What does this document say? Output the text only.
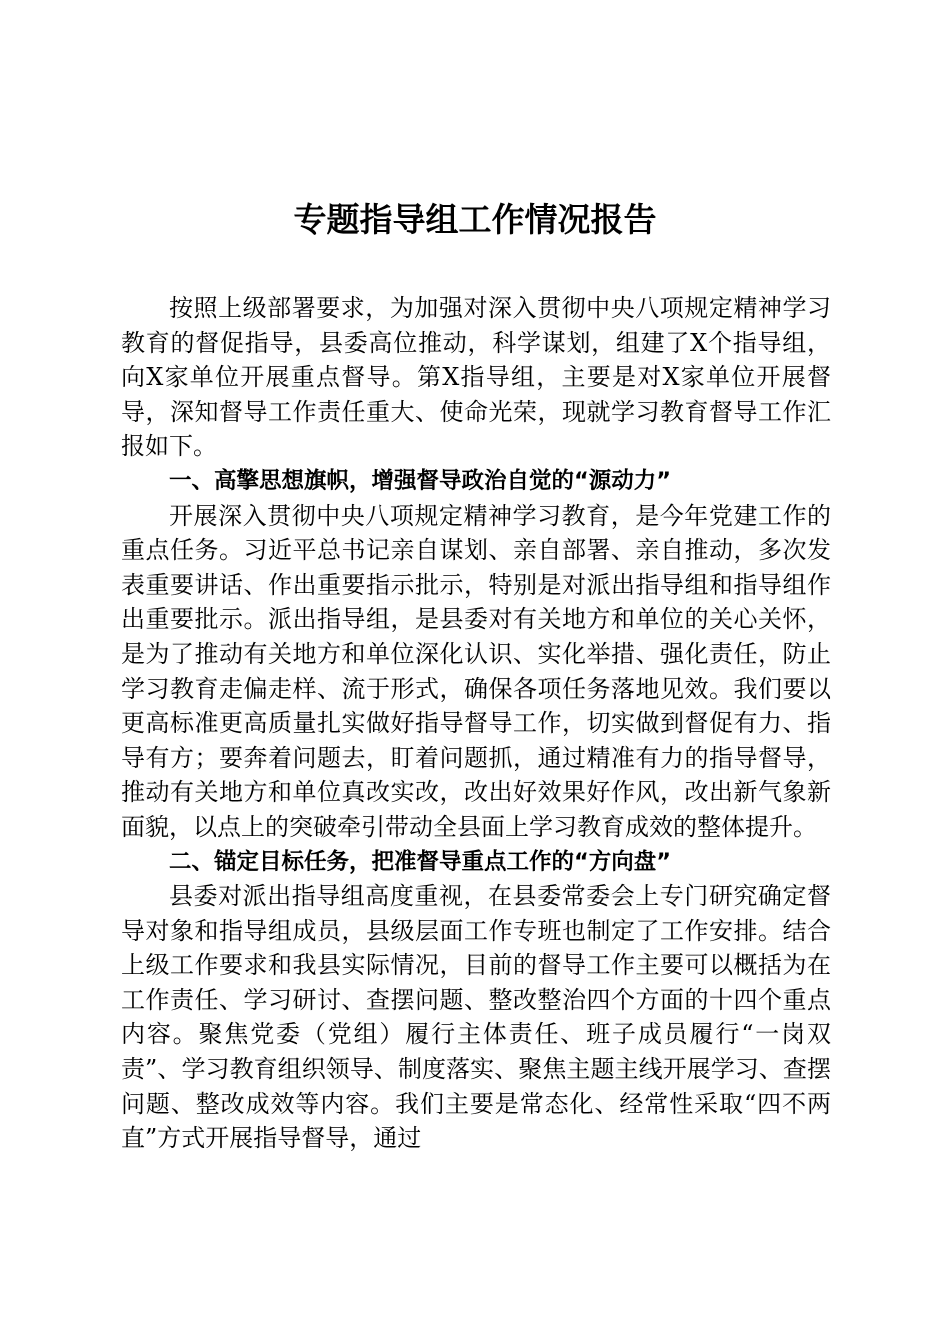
专题指导组工作情况报告

按照上级部署要求，为加强对深入贯彻中央八项规定精神学习教育的督促指导，县委高位推动，科学谋划，组建了X个指导组，向X家单位开展重点督导。第X指导组，主要是对X家单位开展督导，深知督导工作责任重大、使命光荣，现就学习教育督导工作汇报如下。

一、高擎思想旗帜，增强督导政治自觉的“源动力”

开展深入贯彻中央八项规定精神学习教育，是今年党建工作的重点任务。习近平总书记亲自谋划、亲自部署、亲自推动，多次发表重要讲话、作出重要指示批示，特别是对派出指导组和指导组作出重要批示。派出指导组，是县委对有关地方和单位的关心关怀，是为了推动有关地方和单位深化认识、实化举措、强化责任，防止学习教育走偏走样、流于形式，确保各项任务落地见效。我们要以更高标准更高质量扎实做好指导督导工作，切实做到督促有力、指导有方；要奔着问题去，盯着问题抓，通过精准有力的指导督导，推动有关地方和单位真改实改，改出好效果好作风，改出新气象新面貌，以点上的突破牵引带动全县面上学习教育成效的整体提升。

二、锚定目标任务，把准督导重点工作的“方向盘”

县委对派出指导组高度重视，在县委常委会上专门研究确定督导对象和指导组成员，县级层面工作专班也制定了工作安排。结合上级工作要求和我县实际情况，目前的督导工作主要可以概括为在工作责任、学习研讨、查摆问题、整改整治四个方面的十四个重点内容。聚焦党委（党组）履行主体责任、班子成员履行“一岗双责”、学习教育组织领导、制度落实、聚焦主题主线开展学习、查摆问题、整改成效等内容。我们主要是常态化、经常性采取“四不两直”方式开展指导督导，通过
